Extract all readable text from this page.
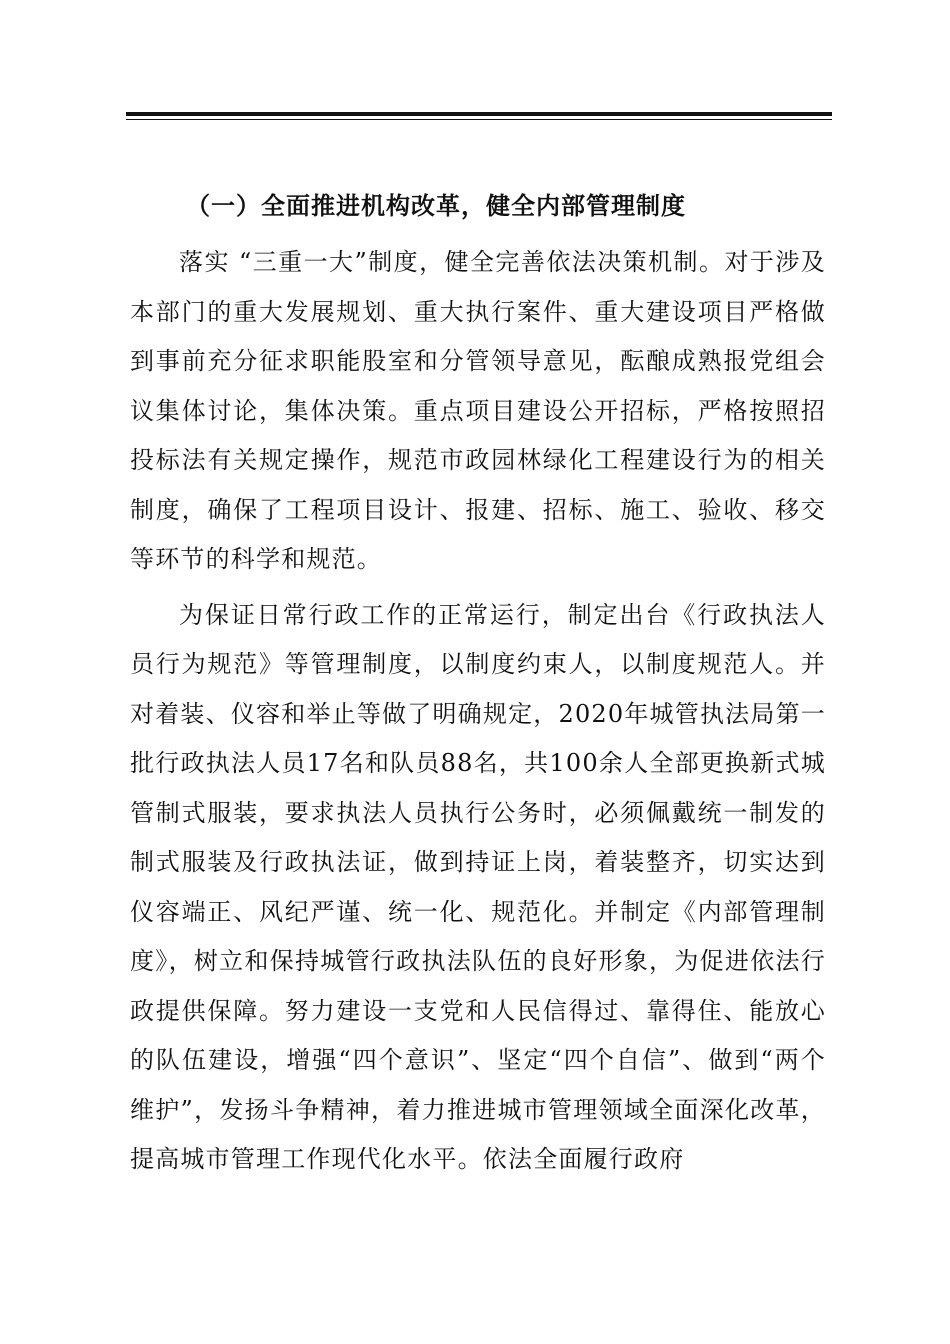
（一）全面推进机构改革，健全内部管理制度

落实 “三重一大”制度，健全完善依法决策机制。对于涉及本部门的重大发展规划、重大执行案件、重大建设项目严格做到事前充分征求职能股室和分管领导意见，酝酿成熟报党组会议集体讨论，集体决策。重点项目建设公开招标，严格按照招投标法有关规定操作，规范市政园林绿化工程建设行为的相关制度，确保了工程项目设计、报建、招标、施工、验收、移交等环节的科学和规范。

为保证日常行政工作的正常运行，制定出台《行政执法人员行为规范》等管理制度，以制度约束人，以制度规范人。并对着装、仪容和举止等做了明确规定，2020年城管执法局第一批行政执法人员17名和队员88名，共100余人全部更换新式城管制式服装，要求执法人员执行公务时，必须佩戴统一制发的制式服装及行政执法证，做到持证上岗，着装整齐，切实达到仪容端正、风纪严谨、统一化、规范化。并制定《内部管理制度》，树立和保持城管行政执法队伍的良好形象，为促进依法行政提供保障。努力建设一支党和人民信得过、靠得住、能放心的队伍建设，增强“四个意识”、坚定“四个自信”、做到“两个维护”，发扬斗争精神，着力推进城市管理领域全面深化改革，提高城市管理工作现代化水平。依法全面履行政府
